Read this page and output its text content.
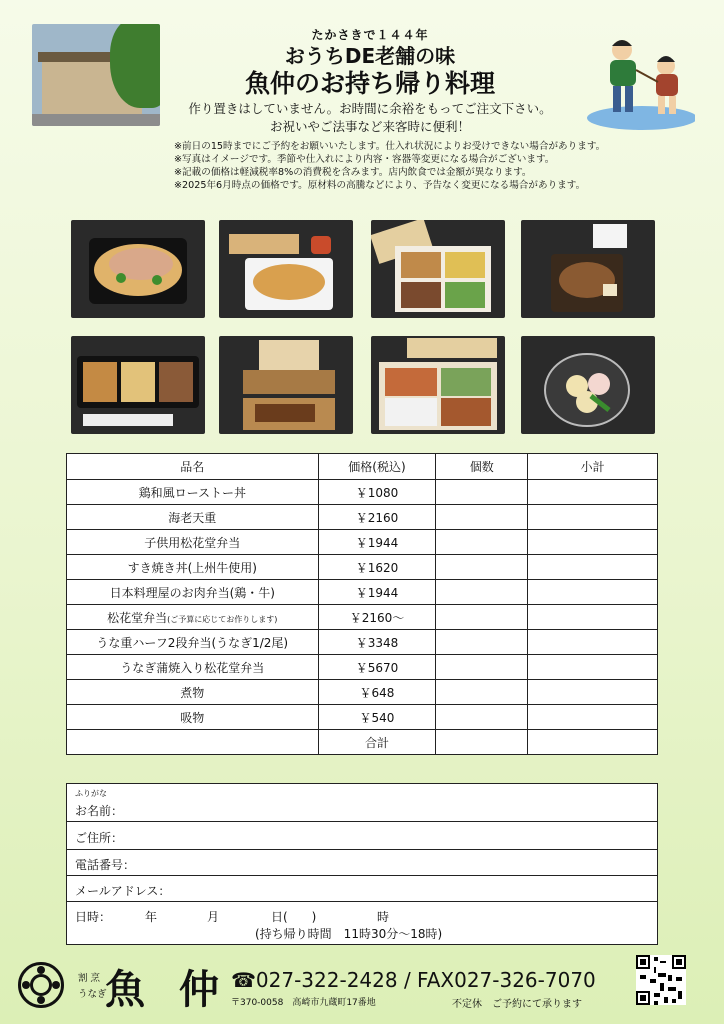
たかさきで１４４年
おうちDE老舗の味
魚仲のお持ち帰り料理
作り置きはしていません。お時間に余裕をもってご注文下さい。
お祝いやご法事など来客時に便利！
※前日の15時までにご予約をお願いいたします。仕入れ状況によりお受けできない場合があります。
※写真はイメージです。季節や仕入れにより内容・容器等変更になる場合がございます。
※記載の価格は軽減税率8%の消費税を含みます。店内飲食では金額が異なります。
※2025年6月時点の価格です。原材料の高騰などにより、予告なく変更になる場合があります。
品名	価格(税込)	個数	小計
鶏和風ローストー丼	￥1080		
海老天重	￥2160		
子供用松花堂弁当	￥1944		
すき焼き丼(上州牛使用)	￥1620		
日本料理屋のお肉弁当(鶏・牛)	￥1944		
松花堂弁当(ご予算に応じてお作りします)	￥2160～		
うな重ハーフ2段弁当(うなぎ1/2尾)	￥3348		
うなぎ蒲焼入り松花堂弁当	￥5670		
煮物	￥648		
吸物	￥540		
	合計		
ふりがな
お名前：
ご住所：
電話番号：
メールアドレス：
日時：	年	月	日(　　)	時
(持ち帰り時間　11時30分～18時)
割 烹
うなぎ
魚仲
☎027-322-2428 / FAX027-326-7070
〒370-0058　高崎市九蔵町17番地	不定休　ご予約にて承ります
